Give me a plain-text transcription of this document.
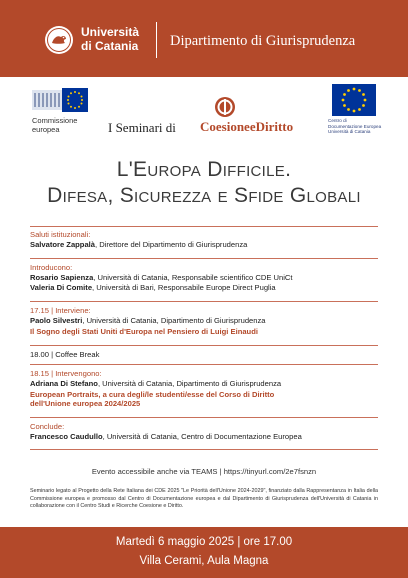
Università
di Catania Dipartimento di Giurisprudenza
Commissione
europea	I Seminari di CoesioneeDiritto	Centro di
Documentazione Europea
Università di Catania
L'Europa Difficile.
Difesa, Sicurezza e Sfide Globali
Saluti istituzionali:
Salvatore Zappalà, Direttore del Dipartimento di Giurisprudenza
Introducono:
Rosario Sapienza, Università di Catania, Responsabile scientifico CDE UniCt
Valeria Di Comite, Università di Bari, Responsabile Europe Direct Puglia
17.15 | Interviene:
Paolo Silvestri, Università di Catania, Dipartimento di Giurisprudenza
Il Sogno degli Stati Uniti d'Europa nel Pensiero di Luigi Einaudi
18.00 | Coffee Break
18.15 | Intervengono:
Adriana Di Stefano, Università di Catania, Dipartimento di Giurisprudenza
European Portraits, a cura degli/le studenti/esse del Corso di Diritto
dell'Unione europea 2024/2025
Conclude:
Francesco Caudullo, Università di Catania, Centro di Documentazione Europea
Evento accessibile anche via TEAMS | https://tinyurl.com/2e7fsnzn
Seminario legato al Progetto della Rete Italiana dei CDE 2025 "Le Priorità dell'Unione 2024-2029", finanziato dalla Rappresentanza in Italia della Commissione europea e promosso dal Centro di Documentazione europea e dal Dipartimento di Giurisprudenza dell'Università di Catania in collaborazione con il Centro Studi e Ricerche Coesione e Diritto.
Martedì 6 maggio 2025 | ore 17.00
Villa Cerami, Aula Magna
